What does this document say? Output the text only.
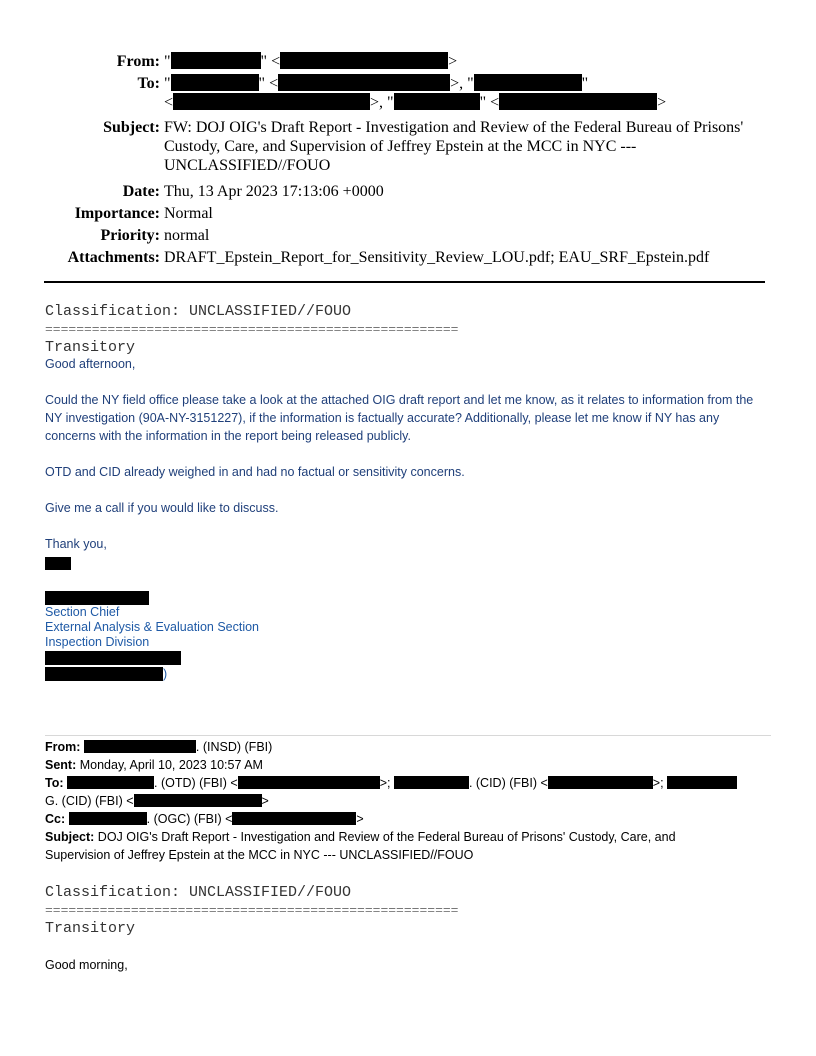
From: "	" <	>
To: "	" <	>, "	"
<	>, "	" <	>
Subject: FW: DOJ OIG's Draft Report - Investigation and Review of the Federal Bureau of Prisons' Custody, Care, and Supervision of Jeffrey Epstein at the MCC in NYC --- UNCLASSIFIED//FOUO
Date: Thu, 13 Apr 2023 17:13:06 +0000
Importance: Normal
Priority: normal
Attachments: DRAFT_Epstein_Report_for_Sensitivity_Review_LOU.pdf; EAU_SRF_Epstein.pdf
Classification: UNCLASSIFIED//FOUO
=====================================================
Transitory
Good afternoon,
Could the NY field office please take a look at the attached OIG draft report and let me know, as it relates to information from the NY investigation (90A-NY-3151227), if the information is factually accurate? Additionally, please let me know if NY has any concerns with the information in the report being released publicly.
OTD and CID already weighed in and had no factual or sensitivity concerns.
Give me a call if you would like to discuss.
Thank you,
Section Chief
External Analysis & Evaluation Section
Inspection Division
)
From:	. (INSD) (FBI)
Sent: Monday, April 10, 2023 10:57 AM
To:	. (OTD) (FBI) <	>;	. (CID) (FBI) <	>;
G. (CID) (FBI) <	>
Cc:	. (OGC) (FBI) <	>
Subject: DOJ OIG's Draft Report - Investigation and Review of the Federal Bureau of Prisons' Custody, Care, and Supervision of Jeffrey Epstein at the MCC in NYC --- UNCLASSIFIED//FOUO
Classification: UNCLASSIFIED//FOUO
=====================================================
Transitory
Good morning,
